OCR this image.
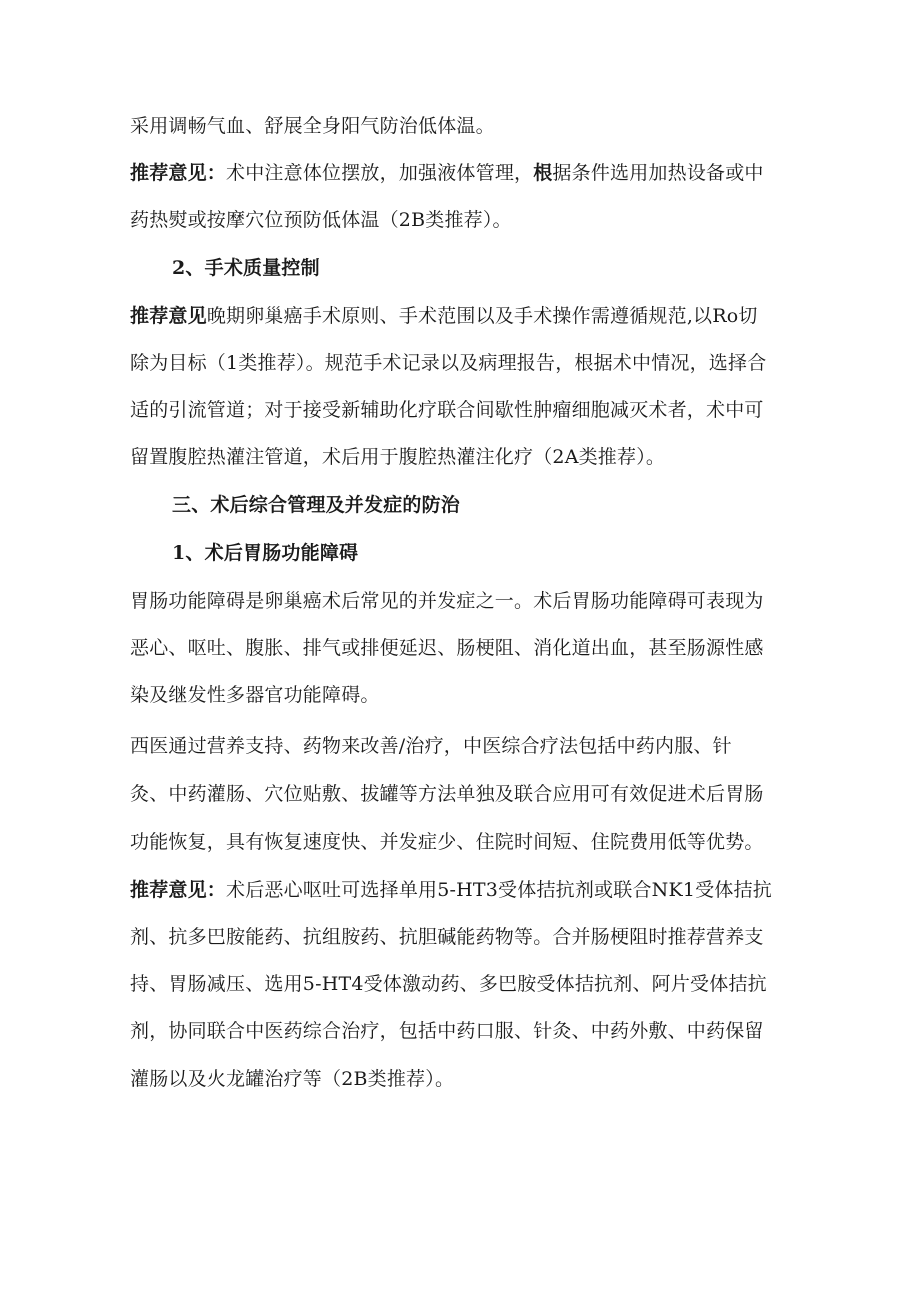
采用调畅气血、舒展全身阳气防治低体温。
推荐意见：术中注意体位摆放，加强液体管理，根据条件选用加热设备或中
药热熨或按摩穴位预防低体温（2B类推荐）。
2、手术质量控制
推荐意见晚期卵巢癌手术原则、手术范围以及手术操作需遵循规范,以Ro切
除为目标（1类推荐）。规范手术记录以及病理报告，根据术中情况，选择合
适的引流管道；对于接受新辅助化疗联合间歇性肿瘤细胞减灭术者，术中可
留置腹腔热灌注管道，术后用于腹腔热灌注化疗（2A类推荐）。
三、术后综合管理及并发症的防治
1、术后胃肠功能障碍
胃肠功能障碍是卵巢癌术后常见的并发症之一。术后胃肠功能障碍可表现为
恶心、呕吐、腹胀、排气或排便延迟、肠梗阻、消化道出血，甚至肠源性感
染及继发性多器官功能障碍。
西医通过营养支持、药物来改善/治疗，中医综合疗法包括中药内服、针
灸、中药灌肠、穴位贴敷、拔罐等方法单独及联合应用可有效促进术后胃肠
功能恢复，具有恢复速度快、并发症少、住院时间短、住院费用低等优势。
推荐意见：术后恶心呕吐可选择单用5-HT3受体拮抗剂或联合NK1受体拮抗
剂、抗多巴胺能药、抗组胺药、抗胆碱能药物等。合并肠梗阻时推荐营养支
持、胃肠减压、选用5-HT4受体激动药、多巴胺受体拮抗剂、阿片受体拮抗
剂，协同联合中医药综合治疗，包括中药口服、针灸、中药外敷、中药保留
灌肠以及火龙罐治疗等（2B类推荐）。
